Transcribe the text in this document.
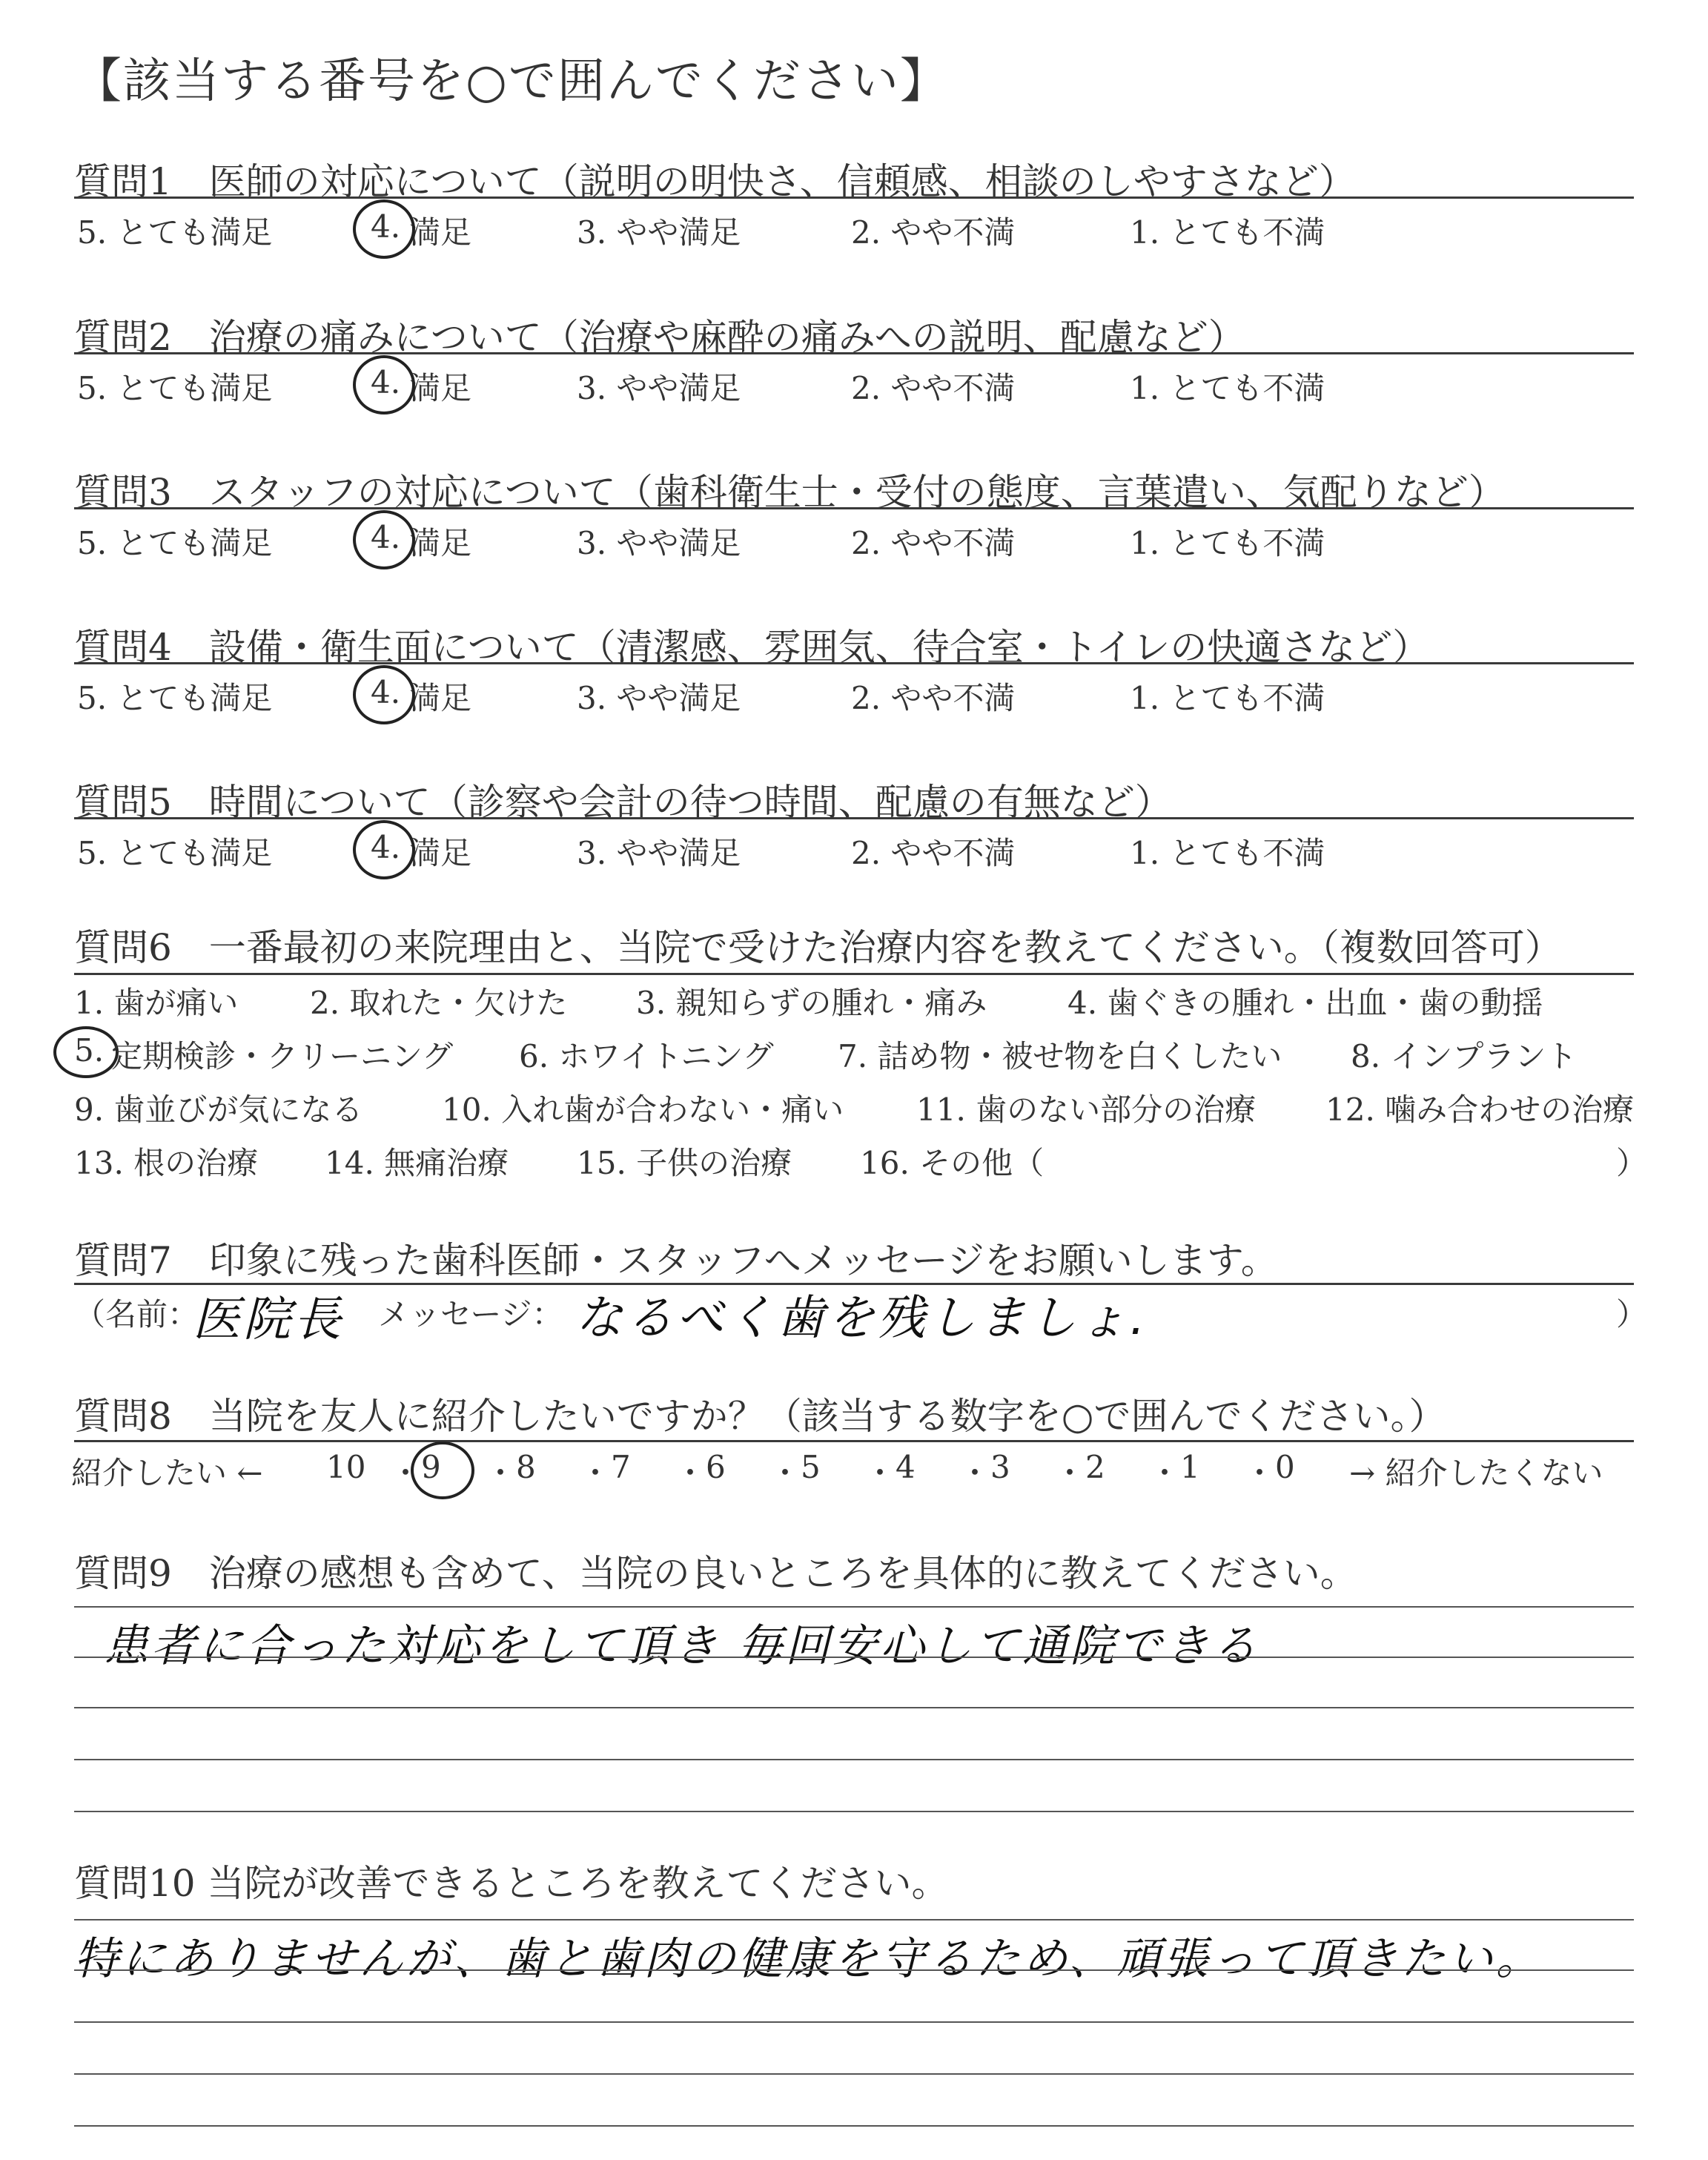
【該当する番号を○で囲んでください】
質問1　医師の対応について（説明の明快さ、信頼感、相談のしやすさなど）
5. とても満足	4. 満足	3. やや満足	2. やや不満	1. とても不満
質問2　治療の痛みについて（治療や麻酔の痛みへの説明、配慮など）
5. とても満足	4. 満足	3. やや満足	2. やや不満	1. とても不満
質問3　スタッフの対応について（歯科衛生士・受付の態度、言葉遣い、気配りなど）
5. とても満足	4. 満足	3. やや満足	2. やや不満	1. とても不満
質問4　設備・衛生面について（清潔感、雰囲気、待合室・トイレの快適さなど）
5. とても満足	4. 満足	3. やや満足	2. やや不満	1. とても不満
質問5　時間について（診察や会計の待つ時間、配慮の有無など）
5. とても満足	4. 満足	3. やや満足	2. やや不満	1. とても不満
質問6　一番最初の来院理由と、当院で受けた治療内容を教えてください。（複数回答可）
1. 歯が痛い 2. 取れた・欠けた 3. 親知らずの腫れ・痛み	4. 歯ぐきの腫れ・出血・歯の動揺
5. 定期検診・クリーニング 6. ホワイトニング 7. 詰め物・被せ物を白くしたい 8. インプラント
9. 歯並びが気になる	10. 入れ歯が合わない・痛い 11. 歯のない部分の治療 12. 噛み合わせの治療
13. 根の治療 14. 無痛治療 15. 子供の治療 16. その他（	）
質問7　印象に残った歯科医師・スタッフへメッセージをお願いします。
（名前：
医院長 メッセージ： なるべく歯を残しましょ.	）
質問8　当院を友人に紹介したいですか？（該当する数字を○で囲んでください。）
紹介したい ← 10 ・ 9 ・ 8 ・ 7 ・ 6 ・ 5 ・ 4 ・ 3 ・ 2 ・ 1 ・ 0 → 紹介したくない
質問9　治療の感想も含めて、当院の良いところを具体的に教えてください。
患者に合った対応をして頂き 毎回安心して通院できる
質問10 当院が改善できるところを教えてください。
特にありませんが、歯と歯肉の健康を守るため、頑張って頂きたい。
